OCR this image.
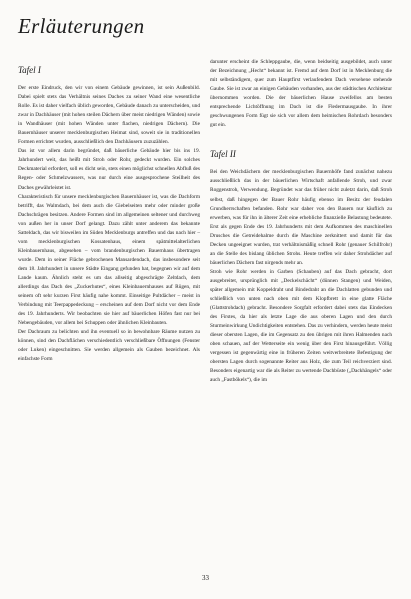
Erläuterungen
Tafel I

Der erste Eindruck, den wir von einem Gebäude gewinnen, ist sein Außenbild. Dabei spielt stets das Verhältnis seines Daches zu seiner Wand eine wesentliche Rolle. Es ist daher vielfach üblich geworden, Gebäude danach zu unterscheiden, und zwar in Dachhäuser (mit hohen steilen Dächern über meist niedrigen Wänden) sowie in Wandhäuser (mit hohen Wänden unter flachen, niedrigen Dächern). Die Bauernhäuser unserer mecklenburgischen Heimat sind, soweit sie in traditionellen Formen errichtet wurden, ausschließlich den Dachhäusern zuzuzählen.

Das ist vor allem darin begründet, daß bäuerliche Gebäude hier bis ins 19. Jahrhundert weit, das heißt mit Stroh oder Rohr, gedeckt wurden. Ein solches Deckmaterial erfordert, soll es dicht sein, stets einen möglichst schnellen Abfluß des Regen- oder Schmelzwassers, was nur durch eine ausgesprochene Steilheit des Daches gewährleistet ist.

Charakteristisch für unsere mecklenburgischen Bauernhäuser ist, was die Dachform betrifft, das Walmdach, bei dem auch die Giebelseiten mehr oder minder große Dachschrägen besitzen. Andere Formen sind im allgemeinen seltener und durchweg von außen her in unser Dorf gelangt. Dazu zählt unter anderem das bekannte Satteldach, das wir bisweilen im Süden Mecklenburgs antreffen und das nach hier – vom mecklenburgischen Kossatenhaus, einem spätmittelalterlichen Kleinbauernhaus, abgesehen – vom brandenburgischen Bauernhaus übertragen wurde. Dem in seiner Fläche gebrochenen Mansardendach, das insbesondere seit dem 18. Jahrhundert in unsere Städte Eingang gefunden hat, begegnen wir auf dem Lande kaum. Ähnlich steht es um das allseitig abgeschrägte Zeltdach, dem allerdings das Dach des „Zuckerhutes“, eines Kleinbauernhauses auf Rügen, mit seinem oft sehr kurzen First häufig nahe kommt. Einseitige Pultdächer – meist in Verbindung mit Teerpappedeckung – erscheinen auf dem Dorf nicht vor dem Ende des 19. Jahrhunderts. Wir beobachten sie hier auf bäuerlichen Höfen fast nur bei Nebengebäuden, vor allem bei Schuppen oder ähnlichen Kleinbauten.

Der Dachraum zu belichten und ihn eventuell so in bewohnbare Räume nutzen zu können, sind den Dachflächen verschiedentlich verschließbare Öffnungen (Fenster oder Luken) eingeschnitten. Sie werden allgemein als Gauben bezeichnet. Als einfachste Form

darunter erscheint die Schleppgaube, die, wenn beidseitig ausgebildet, auch unter der Bezeichnung „Hecht“ bekannt ist. Fremd auf dem Dorf ist in Mecklenburg die mit selbständigem, quer zum Hauptfirst verlaufendem Dach versehene stehende Gaube. Sie ist zwar an einigen Gebäuden vorhanden, aus der städtischen Architektur übernommen worden. Die der bäuerlichen Hause zweifellos am besten entsprechende Lichtöffnung im Dach ist die Fledermausgaube. In ihrer geschwungenen Form fügt sie sich vor allem dem heimischen Rohrdach besonders gut ein.

Tafel II

Bei den Weichdächern der mecklenburgischen Bauernhöfe fand zunächst nahezu ausschließlich das in der bäuerlichen Wirtschaft anfallende Stroh, und zwar Roggenstroh, Verwendung. Begründet war das früher nicht zuletzt darin, daß Stroh selbst, daß hingegen der Bauer Rohr häufig ebenso im Besitz der feudalen Grundherrschaften befanden. Rohr war daher von den Bauern nur käuflich zu erwerben, was für ihn in älterer Zeit eine erhebliche finanzielle Belastung bedeutete. Erst als gegen Ende des 19. Jahrhunderts mit dem Aufkommen des maschinellen Drusches die Getreidehalme durch die Maschine zerknittert und damit für das Decken ungeeignet wurden, trat verhältnismäßig schnell Rohr (genauer Schilfrohr) an die Stelle des bislang üblichen Strohs. Heute treffen wir daher Strohdächer auf bäuerlichen Dächern fast nirgends mehr an.

Stroh wie Rohr werden in Garben (Schauben) auf das Dach gebracht, dort ausgebreitet, ursprünglich mit „Deckelschächt“ (dünnen Stangen) und Weiden, später allgemein mit Koppeldraht und Bindedraht an die Dachlatten gebunden und schließlich von unten nach oben mit dem Klopfbrett in eine glatte Fläche (Glattstrohdach) gebracht. Besondere Sorgfalt erfordert dabei stets das Eindecken des Firstes, da hier als letzte Lage die aus oberen Lagen und den durch Sturmeinwirkung Undichtigkeiten entstehen. Das zu verhindern, werden heute meist dieser obersten Lagen, die im Gegensatz zu den übrigen mit ihren Halmenden nach oben schauen, auf der Wetterseite ein wenig über den First hinausgeführt. Völlig vergessen ist gegenwärtig eine in früheren Zeiten weitverbreitete Befestigung der obersten Lagen durch sogenannte Reiter aus Holz, die zum Teil reichverziert sind. Besonders eigenartig war die als Reiter zu wertende Dachbüste („Dackhängels“ oder auch „Fastbökels“), die im

33
